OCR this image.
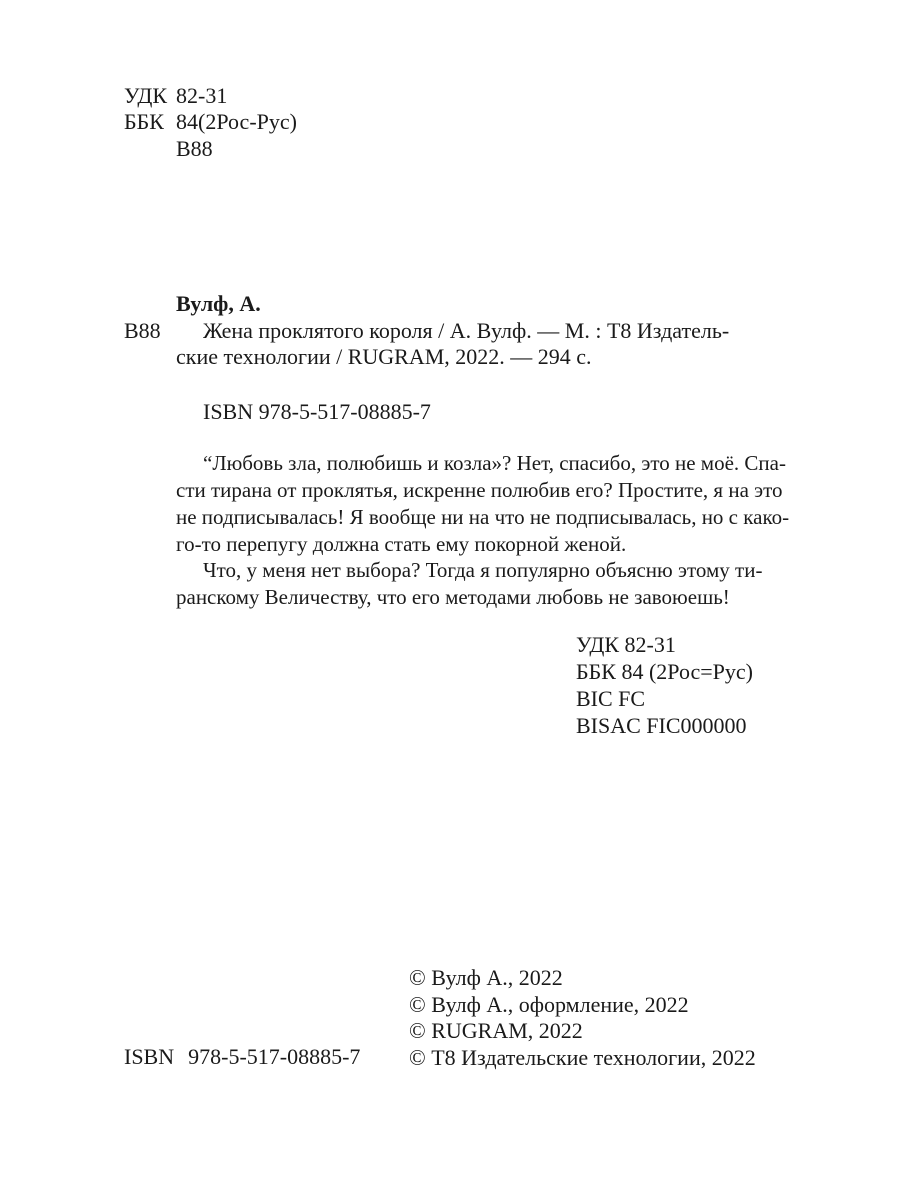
УДК 82-31
ББК 84(2Рос-Рус)
В88
Вулф, А.
В88 Жена проклятого короля / А. Вулф. — М. : Т8 Издатель-
ские технологии / RUGRAM, 2022. — 294 с.
ISBN 978-5-517-08885-7
“Любовь зла, полюбишь и козла»? Нет, спасибо, это не моё. Спа-
сти тирана от проклятья, искренне полюбив его? Простите, я на это
не подписывалась! Я вообще ни на что не подписывалась, но с како-
го-то перепугу должна стать ему покорной женой.
Что, у меня нет выбора? Тогда я популярно объясню этому ти-
ранскому Величеству, что его методами любовь не завоюешь!
УДК 82-31
ББК 84 (2Рос=Рус)
BIC FC
BISAC FIC000000
© Вулф А., 2022
© Вулф А., оформление, 2022
© RUGRAM, 2022
© Т8 Издательские технологии, 2022
ISBN 978-5-517-08885-7
